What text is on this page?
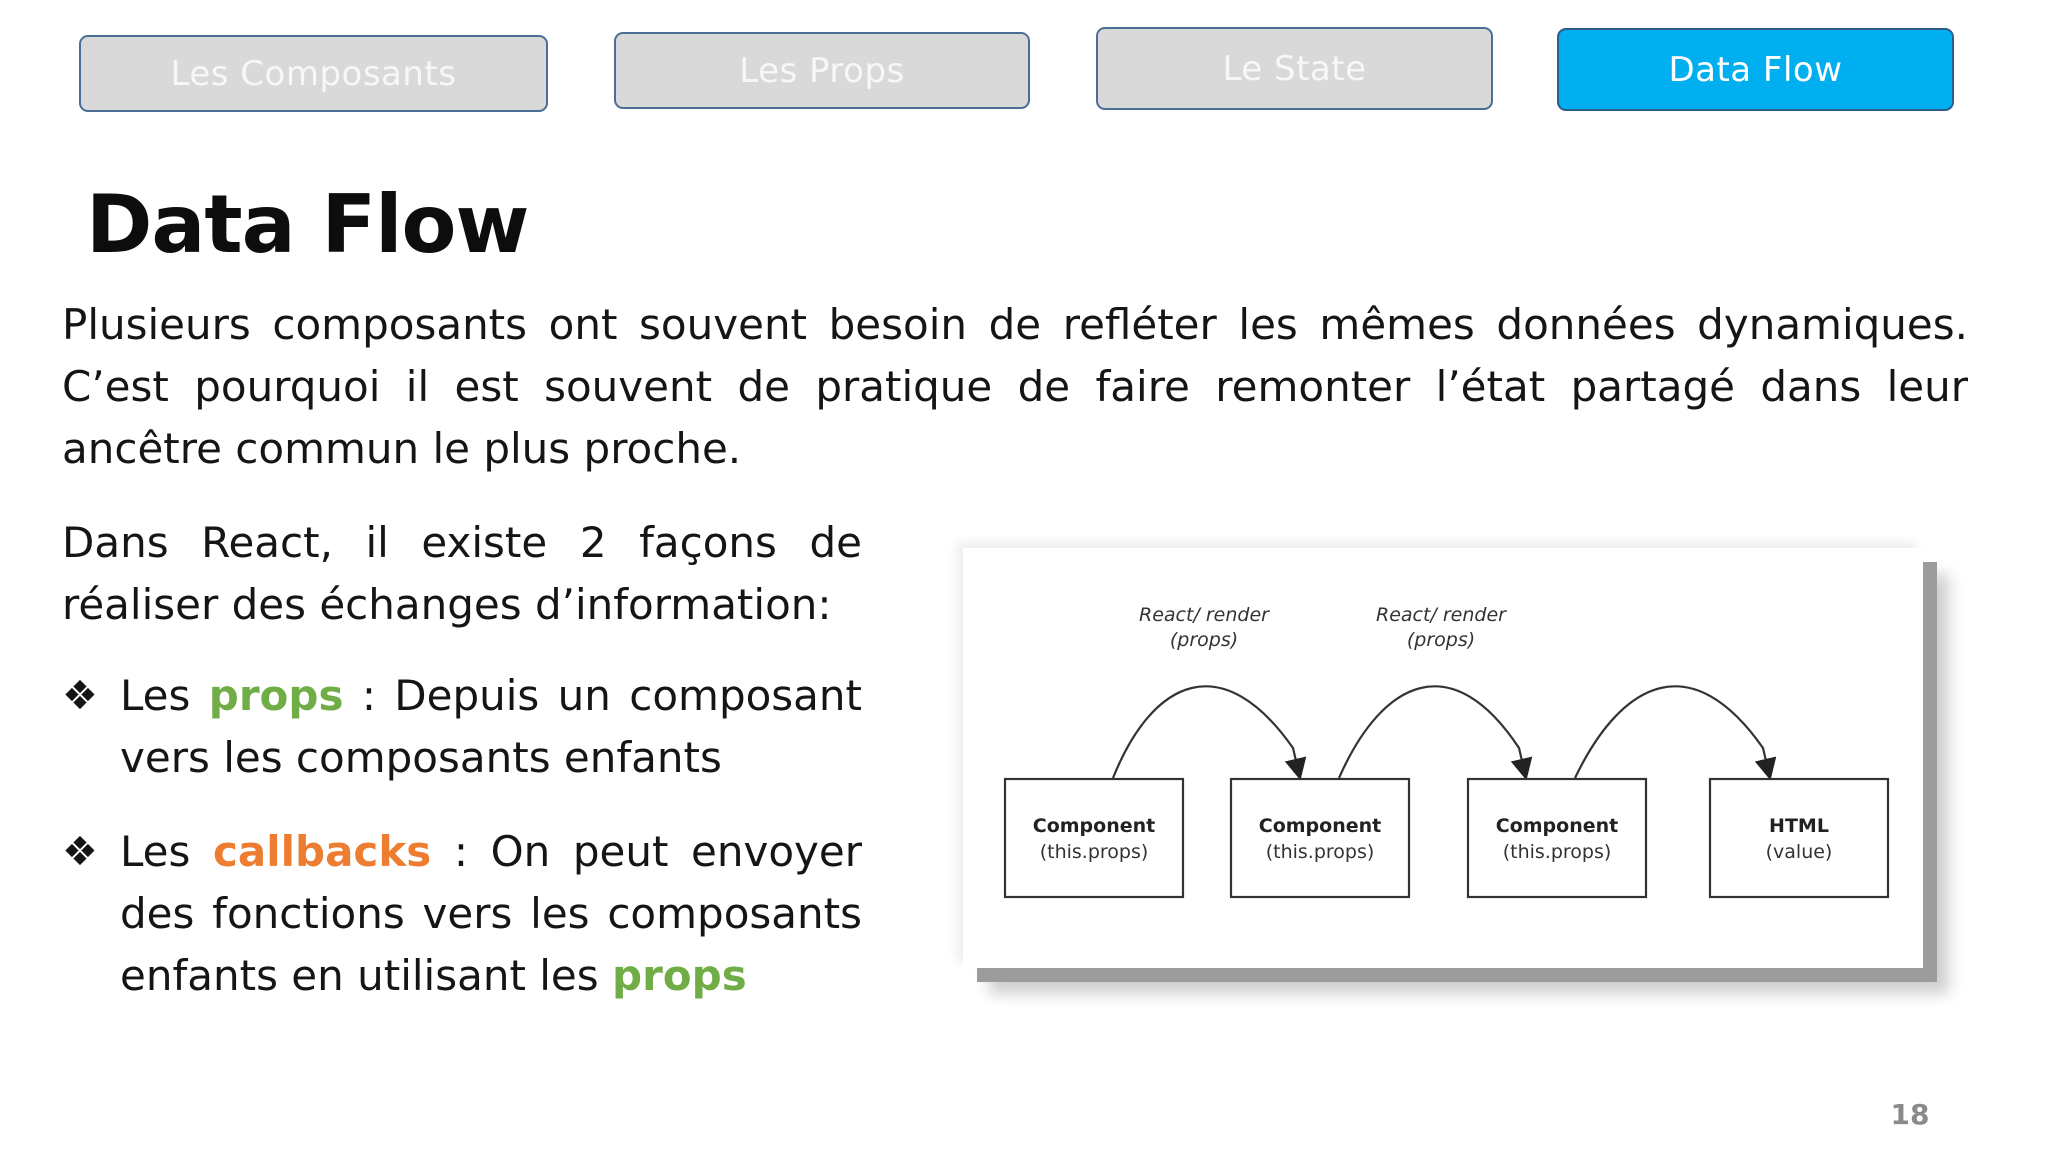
Les Composants	Les Props	Le State	Data Flow
Data Flow
Plusieurs composants ont souvent besoin de refléter les mêmes données dynamiques. C’est pourquoi il est souvent de pratique de faire remonter l’état partagé dans leur ancêtre commun le plus proche.
Dans React, il existe 2 façons de réaliser des échanges d’information:
❖ Les props : Depuis un composant vers les composants enfants
❖ Les callbacks : On peut envoyer des fonctions vers les composants enfants en utilisant les props
React/ render
(props)
React/ render
(props)
Component
(this.props)
Component
(this.props)
Component
(this.props)
HTML
(value)
18
